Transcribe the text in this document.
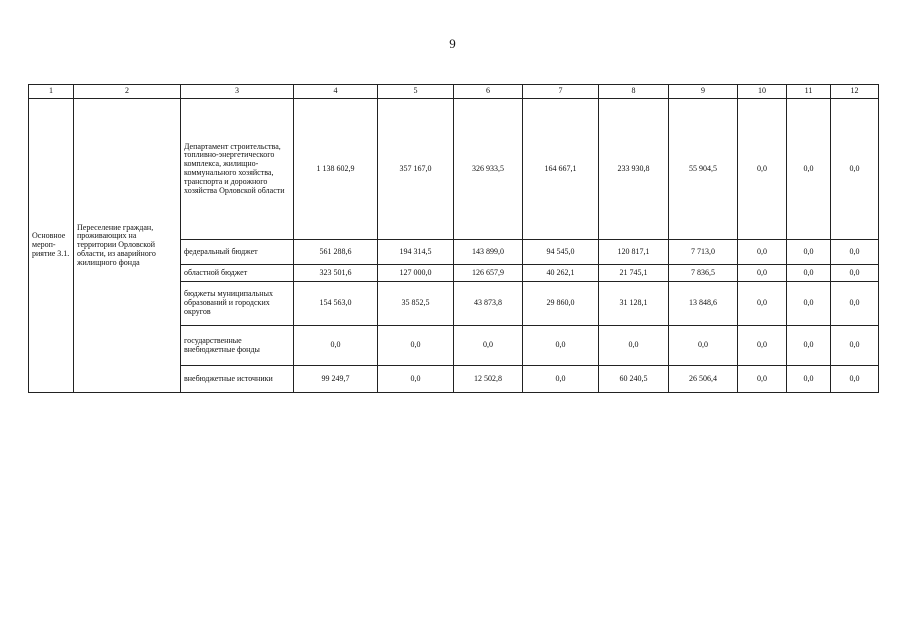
9
1	2	3	4	5	6	7	8	9	10	11	12
Основное мероп- риятие 3.1.	Переселение граждан, проживающих на территории Орловской области, из аварийного жилищного фонда	Департамент строительства, топливно-энергетического комплекса, жилищно-коммунального хозяйства, транспорта и дорожного хозяйства Орловской области	1 138 602,9	357 167,0	326 933,5	164 667,1	233 930,8	55 904,5	0,0	0,0	0,0
		федеральный бюджет	561 288,6	194 314,5	143 899,0	94 545,0	120 817,1	7 713,0	0,0	0,0	0,0
		областной бюджет	323 501,6	127 000,0	126 657,9	40 262,1	21 745,1	7 836,5	0,0	0,0	0,0
		бюджеты муниципальных образований и городских округов	154 563,0	35 852,5	43 873,8	29 860,0	31 128,1	13 848,6	0,0	0,0	0,0
		государственные внебюджетные фонды	0,0	0,0	0,0	0,0	0,0	0,0	0,0	0,0	0,0
		внебюджетные источники	99 249,7	0,0	12 502,8	0,0	60 240,5	26 506,4	0,0	0,0	0,0
